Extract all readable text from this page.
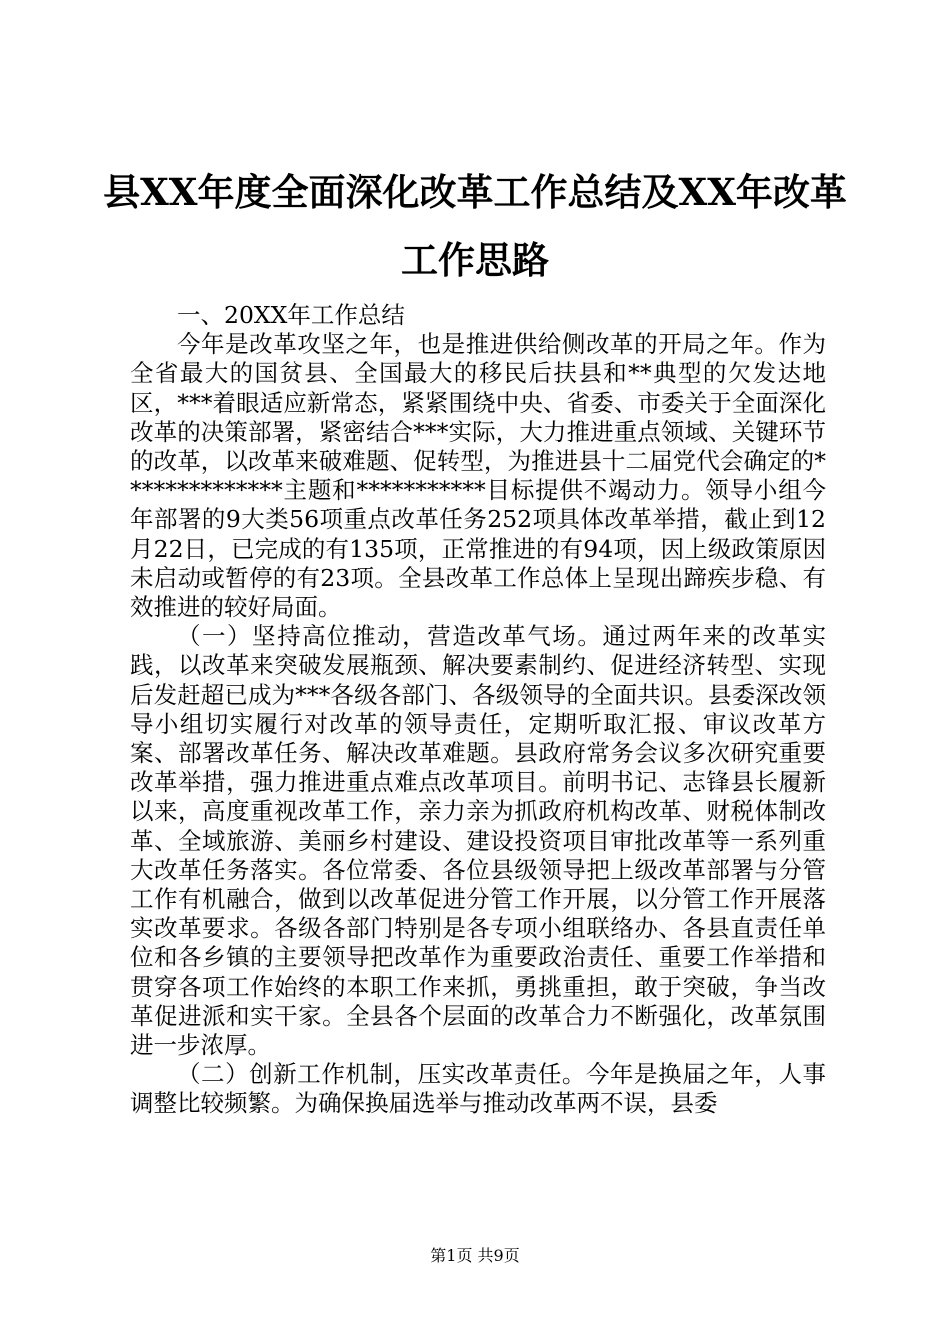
县XX年度全面深化改革工作总结及XX年改革工作思路

一、20XX年工作总结

今年是改革攻坚之年，也是推进供给侧改革的开局之年。作为全省最大的国贫县、全国最大的移民后扶县和**典型的欠发达地区，***着眼适应新常态，紧紧围绕中央、省委、市委关于全面深化改革的决策部署，紧密结合***实际，大力推进重点领域、关键环节的改革，以改革来破难题、促转型，为推进县十二届党代会确定的**************主题和***********目标提供不竭动力。领导小组今年部署的9大类56项重点改革任务252项具体改革举措，截止到12月22日，已完成的有135项，正常推进的有94项，因上级政策原因未启动或暂停的有23项。全县改革工作总体上呈现出蹄疾步稳、有效推进的较好局面。

（一）坚持高位推动，营造改革气场。通过两年来的改革实践，以改革来突破发展瓶颈、解决要素制约、促进经济转型、实现后发赶超已成为***各级各部门、各级领导的全面共识。县委深改领导小组切实履行对改革的领导责任，定期听取汇报、审议改革方案、部署改革任务、解决改革难题。县政府常务会议多次研究重要改革举措，强力推进重点难点改革项目。前明书记、志锋县长履新以来，高度重视改革工作，亲力亲为抓政府机构改革、财税体制改革、全域旅游、美丽乡村建设、建设投资项目审批改革等一系列重大改革任务落实。各位常委、各位县级领导把上级改革部署与分管工作有机融合，做到以改革促进分管工作开展，以分管工作开展落实改革要求。各级各部门特别是各专项小组联络办、各县直责任单位和各乡镇的主要领导把改革作为重要政治责任、重要工作举措和贯穿各项工作始终的本职工作来抓，勇挑重担，敢于突破，争当改革促进派和实干家。全县各个层面的改革合力不断强化，改革氛围进一步浓厚。

（二）创新工作机制，压实改革责任。今年是换届之年，人事调整比较频繁。为确保换届选举与推动改革两不误，县委

第1页 共9页
